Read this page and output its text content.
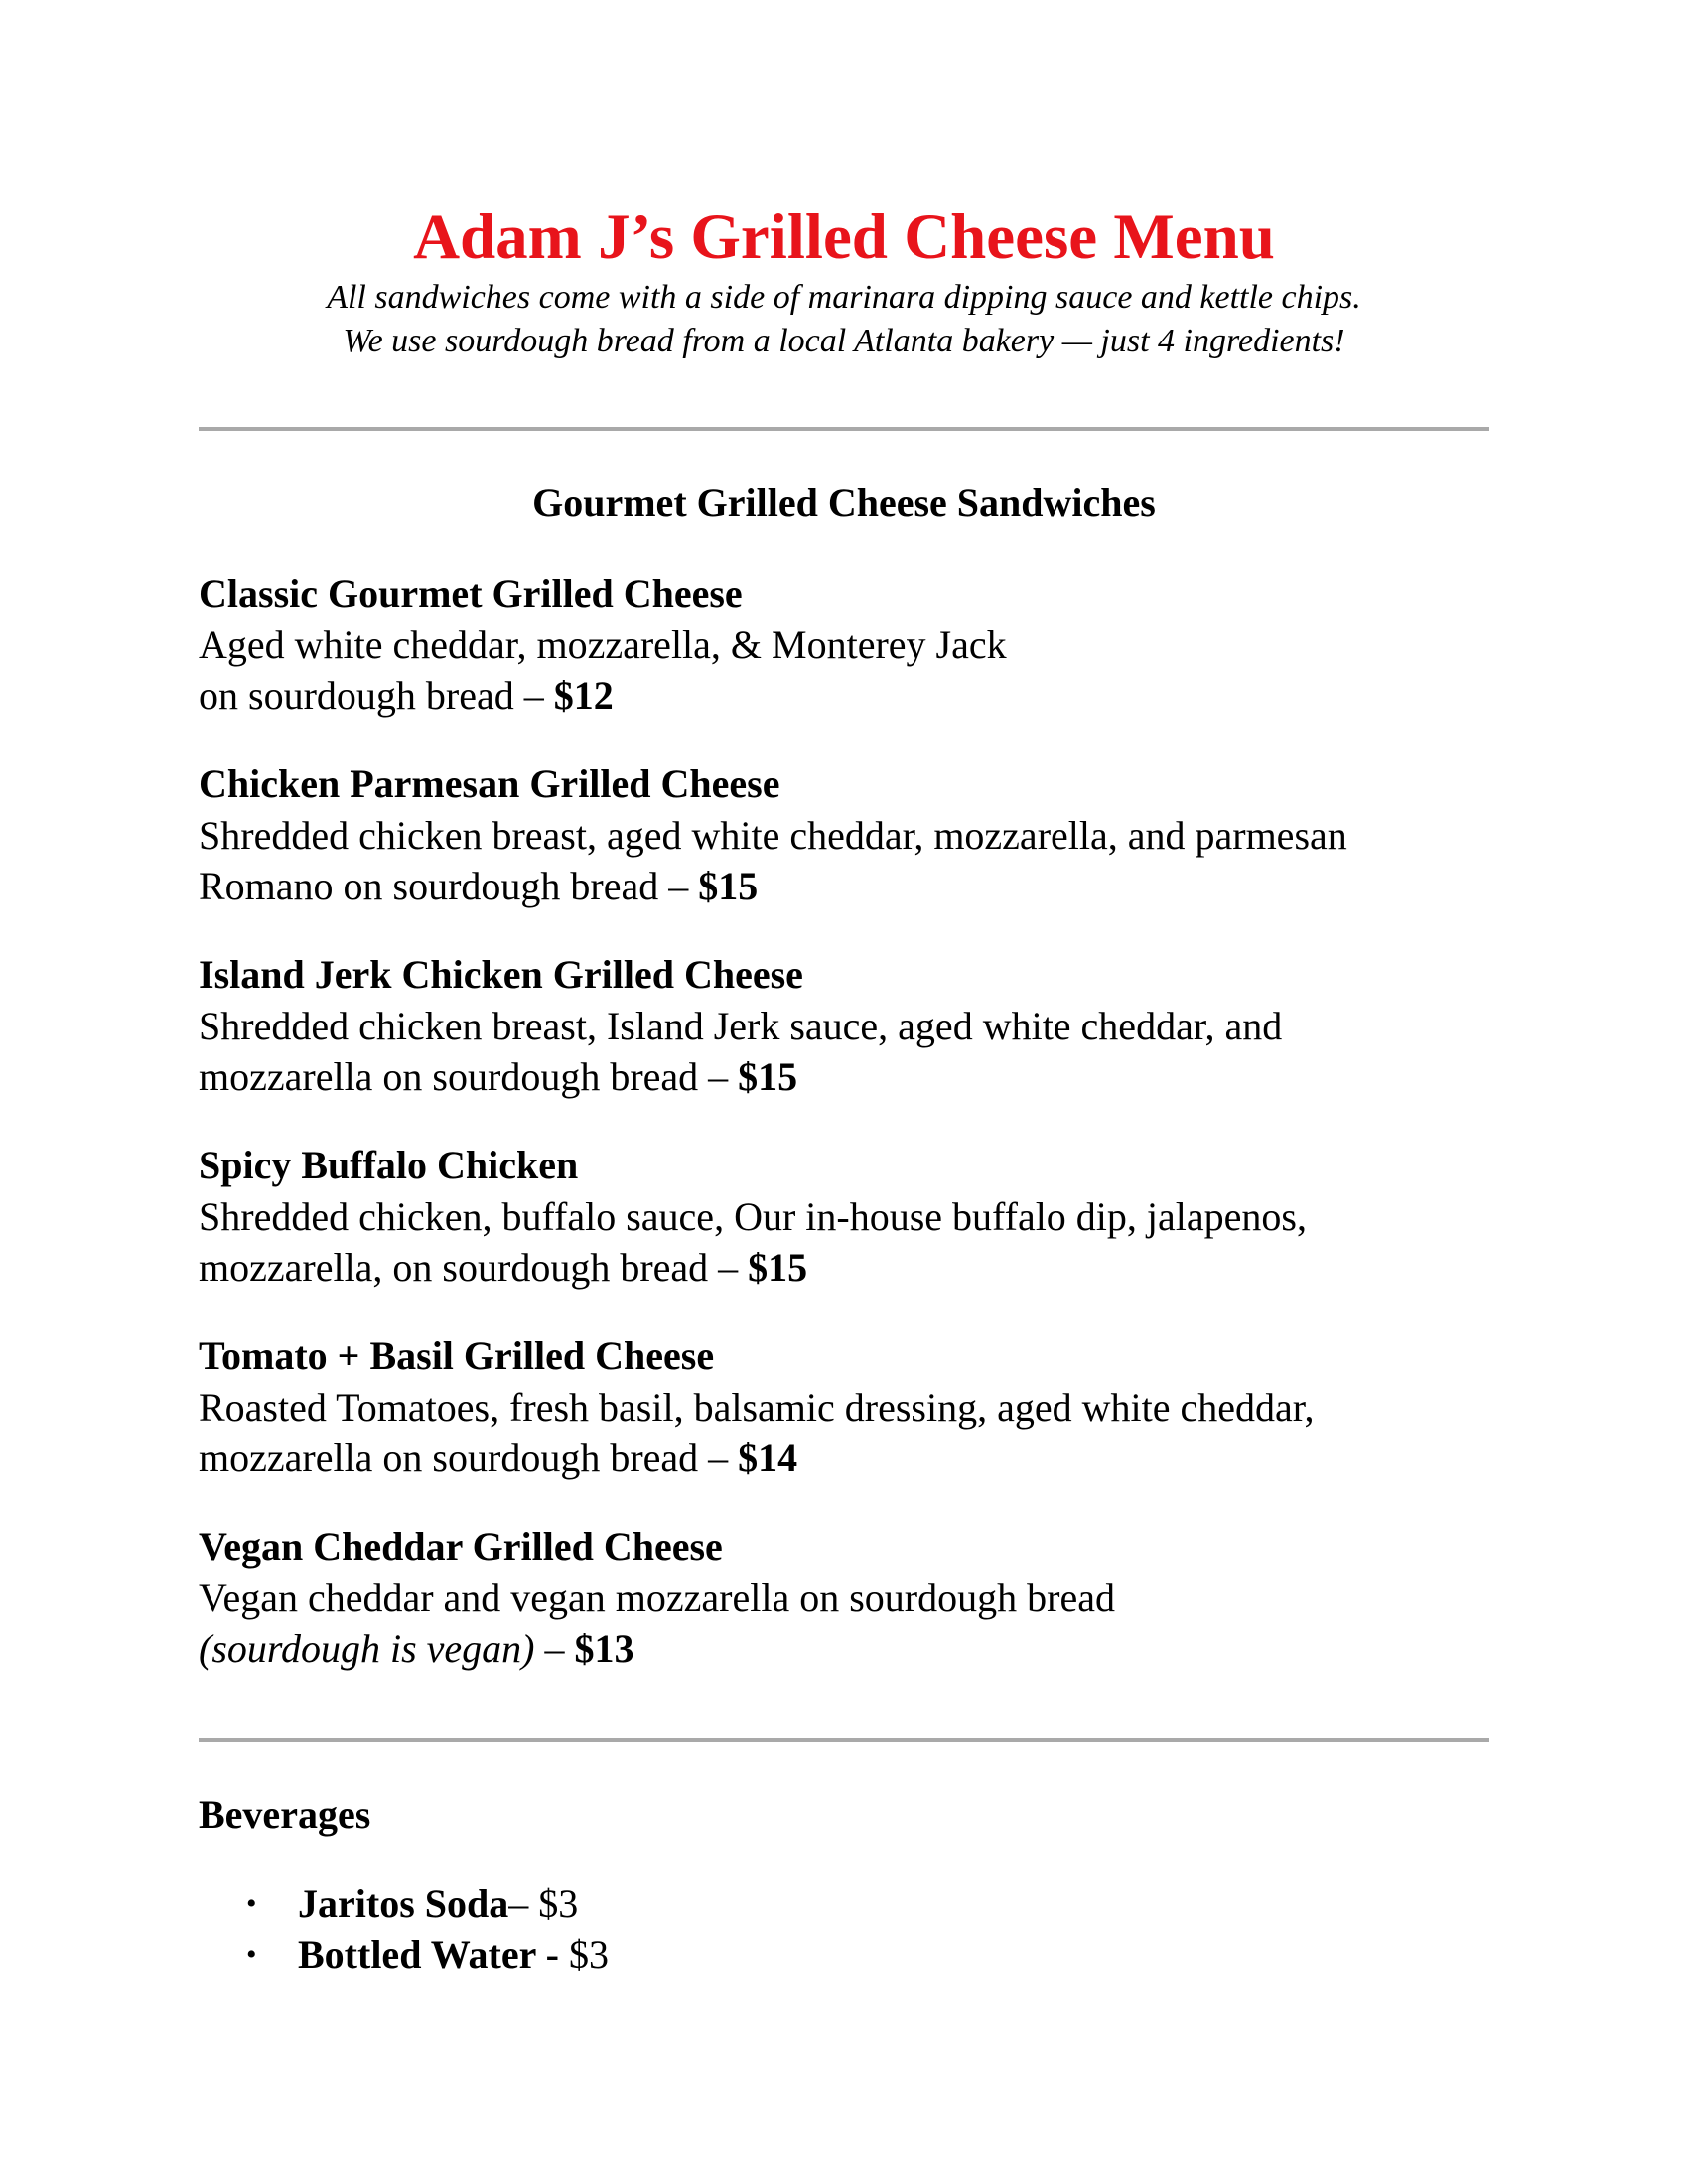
Adam J’s Grilled Cheese Menu

All sandwiches come with a side of marinara dipping sauce and kettle chips.

We use sourdough bread from a local Atlanta bakery — just 4 ingredients!

Gourmet Grilled Cheese Sandwiches
Classic Gourmet Grilled Cheese
Aged white cheddar, mozzarella, & Monterey Jack
on sourdough bread – $12
Chicken Parmesan Grilled Cheese
Shredded chicken breast, aged white cheddar, mozzarella, and parmesan
Romano on sourdough bread – $15
Island Jerk Chicken Grilled Cheese
Shredded chicken breast, Island Jerk sauce, aged white cheddar, and
mozzarella on sourdough bread – $15
Spicy Buffalo Chicken
Shredded chicken, buffalo sauce, Our in-house buffalo dip, jalapenos,
mozzarella, on sourdough bread – $15
Tomato + Basil Grilled Cheese
Roasted Tomatoes, fresh basil, balsamic dressing, aged white cheddar,
mozzarella on sourdough bread – $14
Vegan Cheddar Grilled Cheese
Vegan cheddar and vegan mozzarella on sourdough bread
(sourdough is vegan) – $13
Beverages
• Jaritos Soda– $3
• Bottled Water - $3
